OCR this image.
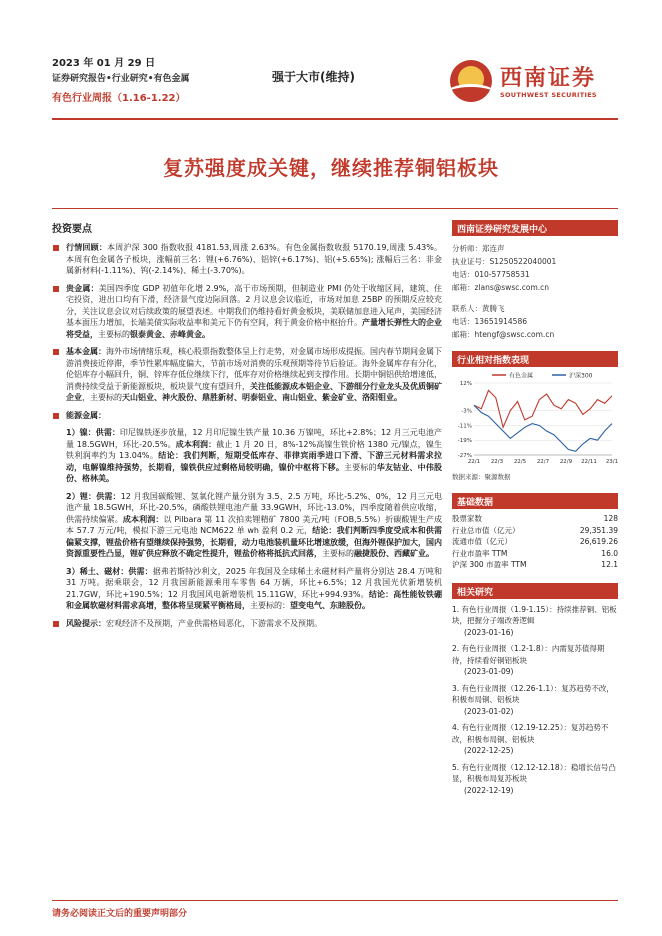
2023 年 01 月 29 日
证券研究报告•行业研究•有色金属
有色行业周报（1.16-1.22）
强于大市(维持)	西南证券
SOUTHWEST SECURITIES
复苏强度成关键，继续推荐铜铝板块
投资要点
行情回顾：本周沪深 300 指数收报 4181.53,周涨 2.63%。有色金属指数收报 5170.19,周涨 5.43%。本周有色金属各子板块，涨幅前三名：锂(+6.76%)、铝锌(+6.17%)、铝(+5.65%); 涨幅后三名：非金属新材料(-1.11%)、钨(-2.14%)、稀土(-3.70%)。
贵金属：美国四季度 GDP 初值年化增 2.9%，高于市场预期，但制造业 PMI 仍处于收缩区间，建筑、住宅投资，进出口均有下滑，经济景气度边际回落。2 月议息会议临近，市场对加息 25BP 的预期反应较充分，关注议息会议对后续政策的展望表述。中期我们仍维持看好黄金板块，美联储加息进入尾声，美国经济基本面压力增加，长端美债实际收益率和美元下仍有空间，利于黄金价格中枢抬升。产量增长弹性大的企业将受益，主要标的银泰黄金、赤峰黄金。
基本金属：海外市场情绪乐观，核心股票指数整体呈上行走势，对金属市场形成提振。国内春节期间金属下游消费接近停滞，季节性累库幅度偏大，节前市场对消费的乐观预期等待节后验证。海外金属库存有分化，伦铝库存小幅回升，铜、锌库存低位继续下行，低库存对价格继续起到支撑作用。长期中铜铝供给增速低，消费持续受益于新能源板块，板块景气度有望回升，关注低能源成本铝企业、下游细分行业龙头及优质铜矿企业，主要标的天山铝业、神火股份、鼎胜新材、明泰铝业、南山铝业、紫金矿业、洛阳钼业。
能源金属：
1）镍：供需：印尼镍铁逐步放量，12 月印尼镍生铁产量 10.36 万镍吨，环比+2.8%；12 月三元电池产量 18.5GWH，环比-20.5%。成本利润：截止 1 月 20 日，8%-12%高镍生铁价格 1380 元/镍点，镍生铁利润率约为 13.04%。结论：我们判断，短期受低库存、菲律宾雨季进口下滑、下游三元材料需求拉动，电解镍维持强势，长期看，镍铁供应过剩格局较明确，镍价中枢将下移。主要标的华友钴业、中伟股份、格林美。
2）锂：供需：12 月我国碳酸锂、氢氧化锂产量分别为 3.5、2.5 万吨，环比-5.2%、0%，12 月三元电池产量 18.5GWH，环比-20.5%，磷酸铁锂电池产量 33.9GWH，环比-13.0%，四季度随着供应收缩，供需持续偏紧。成本利润：以 Pilbara 第 11 次拍卖锂精矿 7800 美元/吨（FOB,5.5%）折碳酸锂生产成本 57.7 万元/吨，模拟下游三元电池 NCM622 单 wh 盈利 0.2 元，结论：我们判断四季度受成本和供需偏紧支撑，锂盐价格有望继续保持强势，长期看，动力电池装机量环比增速放缓，但海外锂保护加大，国内资源重要性凸显，锂矿供应释放不确定性提升，锂盐价格将抵抗式回落，主要标的融捷股份、西藏矿业。
3）稀土、磁材：供需：据弗若斯特沙利文，2025 年我国及全球稀土永磁材料产量将分别达 28.4 万吨和 31 万吨。据乘联会，12 月我国新能源乘用车零售 64 万辆，环比+6.5%；12 月我国光伏新增装机 21.7GW，环比+190.5%；12 月我国风电新增装机 15.11GW，环比+994.93%。结论：高性能钕铁硼和金属软磁材料需求高增，整体将呈现紧平衡格局，主要标的：望变电气、东睦股份。
风险提示：宏观经济不及预期，产业供需格局恶化，下游需求不及预期。
西南证券研究发展中心
分析师：郑连声
执业证号：S1250522040001
电话：010-57758531
邮箱：zlans@swsc.com.cn
联系人：黄腾飞
电话：13651914586
邮箱：htengf@swsc.com.cn
行业相对指数表现
有色金属	沪深300
12%
-3%
-11%
-19%
-27%
22/1 22/3 22/5 22/7 22/9 22/11 23/1
数据来源：聚源数据
基础数据
股票家数	128
行业总市值（亿元）	29,351.39
流通市值（亿元）	26,619.26
行业市盈率 TTM	16.0
沪深 300 市盈率 TTM	12.1
相关研究
1. 有色行业周报（1.9-1.15）：持续推荐铜、铝板块，把握分子端改善逻辑
(2023-01-16)
2. 有色行业周报（1.2-1.8）：内需复苏值得期待，持续看好铜铝板块
(2023-01-09)
3. 有色行业周报（12.26-1.1）：复苏趋势不改，积极布局铜、铝板块
(2023-01-02)
4. 有色行业周报（12.19-12.25）：复苏趋势不改，积极布局铜、铝板块
(2022-12-25)
5. 有色行业周报（12.12-12.18）：稳增长信号凸显，积极布局复苏板块
(2022-12-19)
请务必阅读正文后的重要声明部分
